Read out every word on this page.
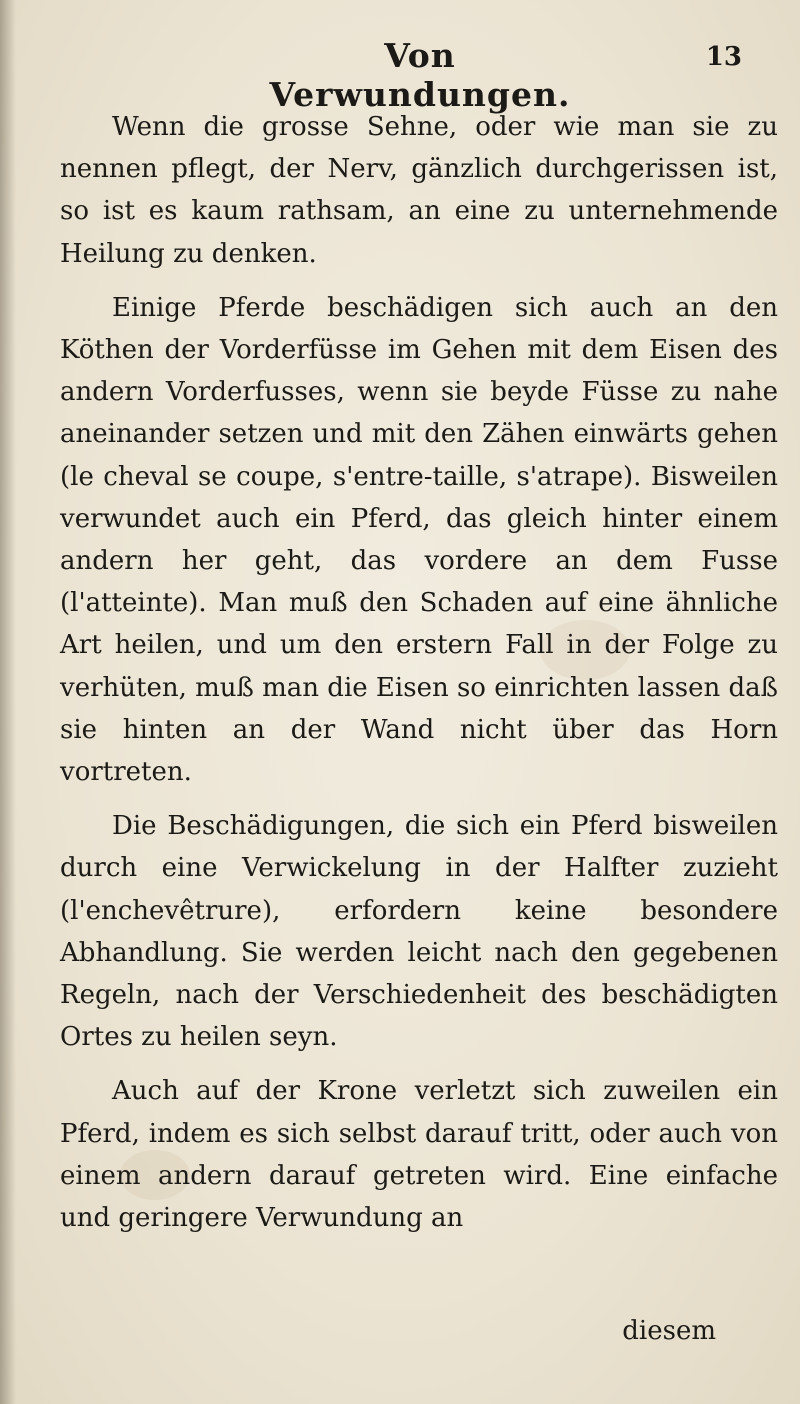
Von Verwundungen.
13

Wenn die grosse Sehne, oder wie man sie zu nennen pflegt, der Nerv, gänzlich durchgerissen ist, so ist es kaum rathsam, an eine zu unternehmende Heilung zu denken.

Einige Pferde beschädigen sich auch an den Köthen der Vorderfüsse im Gehen mit dem Eisen des andern Vorderfusses, wenn sie beyde Füsse zu nahe aneinander setzen und mit den Zähen einwärts gehen (le cheval se coupe, s'entre-taille, s'atrape). Bisweilen verwundet auch ein Pferd, das gleich hinter einem andern her geht, das vordere an dem Fusse (l'atteinte). Man muß den Schaden auf eine ähnliche Art heilen, und um den erstern Fall in der Folge zu verhüten, muß man die Eisen so einrichten lassen daß sie hinten an der Wand nicht über das Horn vortreten.

Die Beschädigungen, die sich ein Pferd bisweilen durch eine Verwickelung in der Halfter zuzieht (l'enchevêtrure), erfordern keine besondere Abhandlung. Sie werden leicht nach den gegebenen Regeln, nach der Verschiedenheit des beschädigten Ortes zu heilen seyn.

Auch auf der Krone verletzt sich zuweilen ein Pferd, indem es sich selbst darauf tritt, oder auch von einem andern darauf getreten wird. Eine einfache und geringere Verwundung an

diesem
